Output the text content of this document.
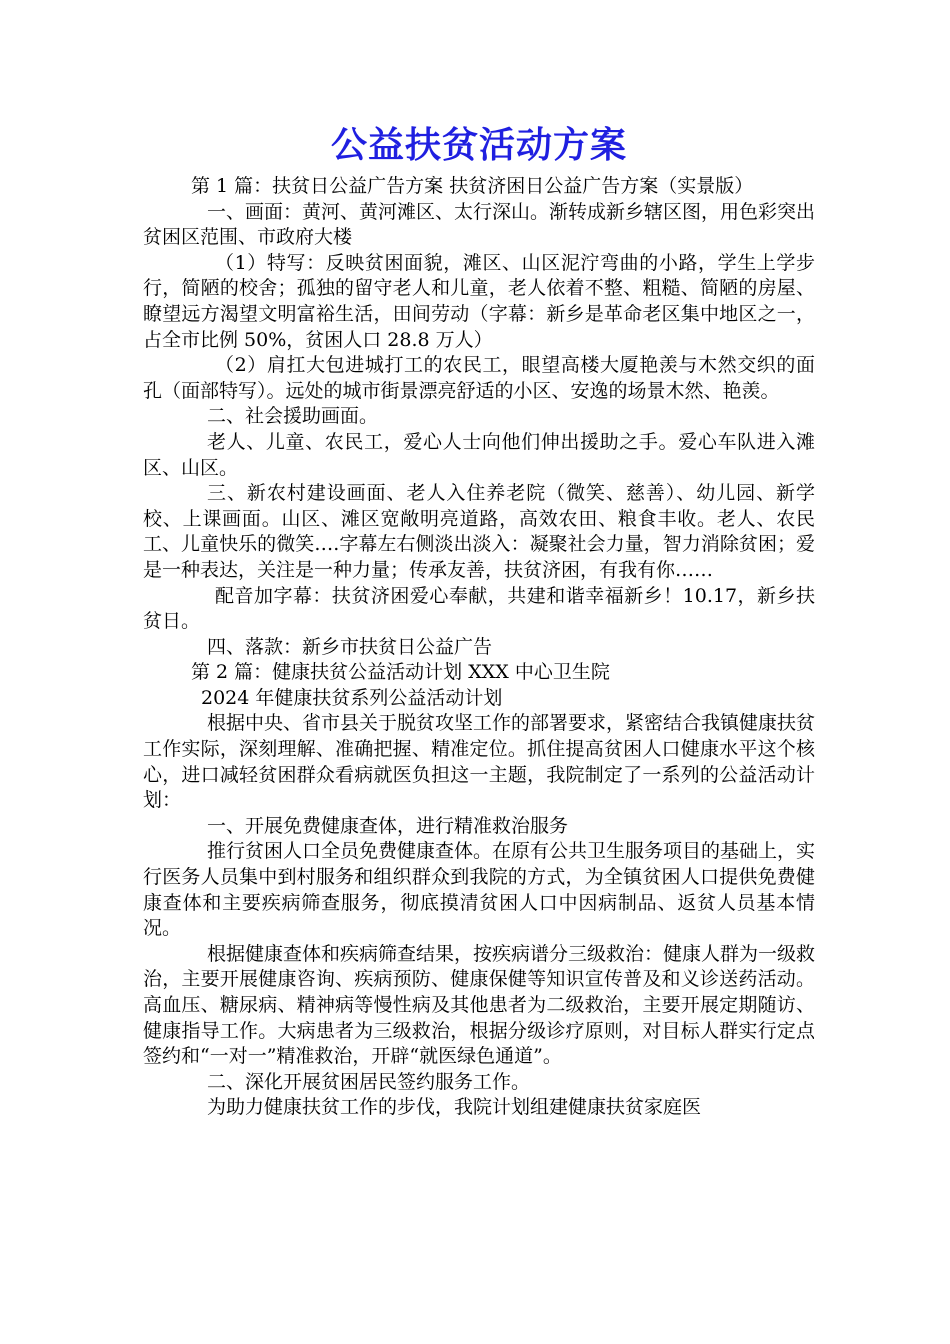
公益扶贫活动方案

第 1 篇：扶贫日公益广告方案 扶贫济困日公益广告方案（实景版）

一、画面：黄河、黄河滩区、太行深山。渐转成新乡辖区图，用色彩突出贫困区范围、市政府大楼

（1）特写：反映贫困面貌，滩区、山区泥泞弯曲的小路，学生上学步行，简陋的校舍；孤独的留守老人和儿童，老人依着不整、粗糙、简陋的房屋、瞭望远方渴望文明富裕生活，田间劳动（字幕：新乡是革命老区集中地区之一，占全市比例 50%，贫困人口 28.8 万人）

（2）肩扛大包进城打工的农民工，眼望高楼大厦艳羡与木然交织的面孔（面部特写）。远处的城市街景漂亮舒适的小区、安逸的场景木然、艳羡。

二、社会援助画面。

老人、儿童、农民工，爱心人士向他们伸出援助之手。爱心车队进入滩区、山区。

三、新农村建设画面、老人入住养老院（微笑、慈善）、幼儿园、新学校、上课画面。山区、滩区宽敞明亮道路，高效农田、粮食丰收。老人、农民工、儿童快乐的微笑….字幕左右侧淡出淡入：凝聚社会力量，智力消除贫困；爱是一种表达，关注是一种力量；传承友善，扶贫济困，有我有你……

配音加字幕：扶贫济困爱心奉献，共建和谐幸福新乡！10.17，新乡扶贫日。

四、落款：新乡市扶贫日公益广告

第 2 篇：健康扶贫公益活动计划 XXX 中心卫生院

2024 年健康扶贫系列公益活动计划

根据中央、省市县关于脱贫攻坚工作的部署要求，紧密结合我镇健康扶贫工作实际，深刻理解、准确把握、精准定位。抓住提高贫困人口健康水平这个核心，进口减轻贫困群众看病就医负担这一主题，我院制定了一系列的公益活动计划：

一、开展免费健康查体，进行精准救治服务

推行贫困人口全员免费健康查体。在原有公共卫生服务项目的基础上，实行医务人员集中到村服务和组织群众到我院的方式，为全镇贫困人口提供免费健康查体和主要疾病筛查服务，彻底摸清贫困人口中因病制品、返贫人员基本情况。

根据健康查体和疾病筛查结果，按疾病谱分三级救治：健康人群为一级救治，主要开展健康咨询、疾病预防、健康保健等知识宣传普及和义诊送药活动。高血压、糖尿病、精神病等慢性病及其他患者为二级救治，主要开展定期随访、健康指导工作。大病患者为三级救治，根据分级诊疗原则，对目标人群实行定点签约和“一对一”精准救治，开辟“就医绿色通道”。

二、深化开展贫困居民签约服务工作。

为助力健康扶贫工作的步伐，我院计划组建健康扶贫家庭医
